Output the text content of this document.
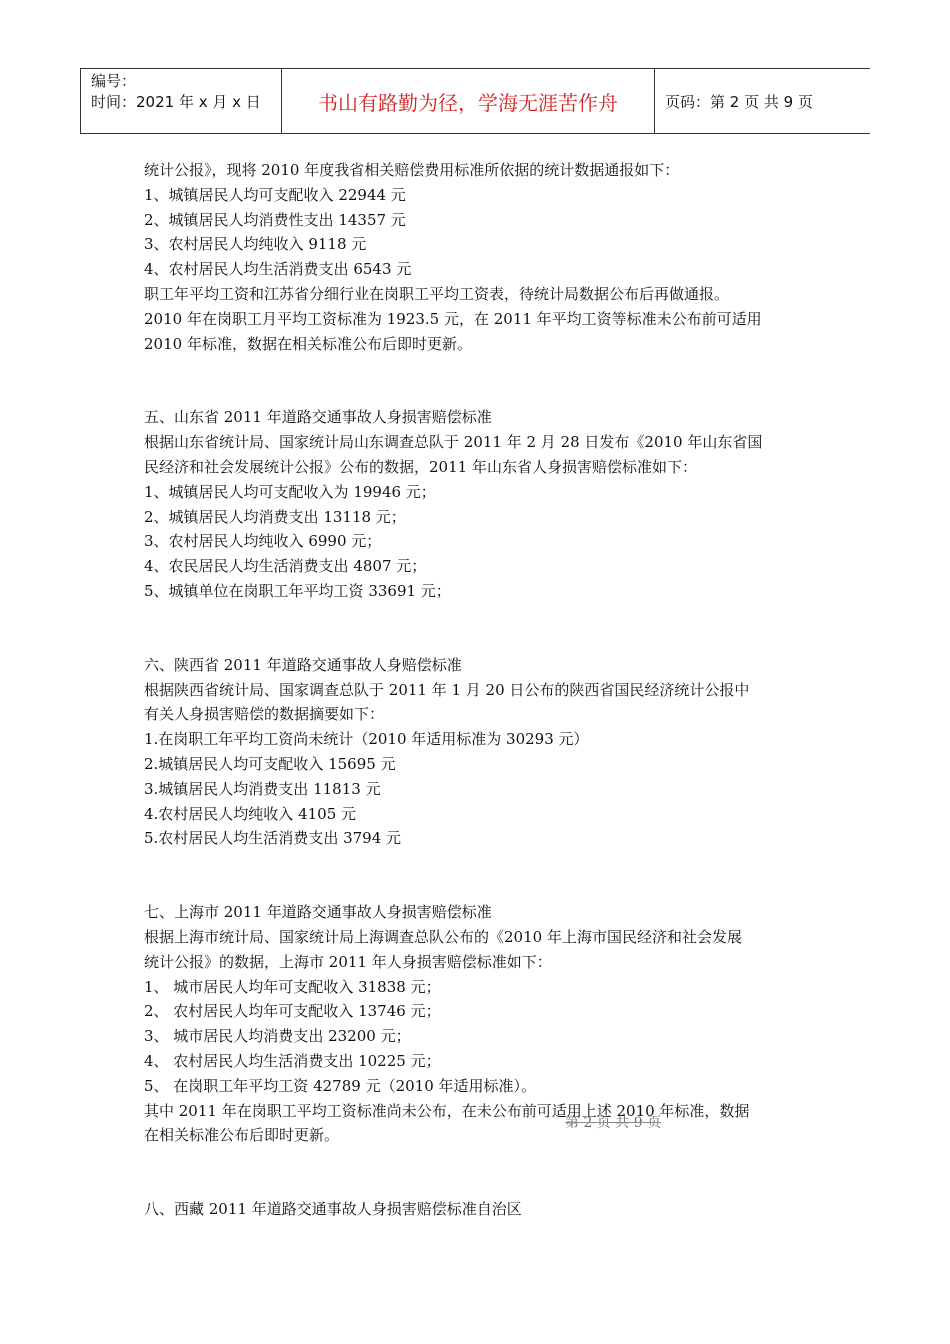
编号：
时间：2021 年 x 月 x 日	书山有路勤为径，学海无涯苦作舟	页码：第 2 页 共 9 页

统计公报》，现将 2010 年度我省相关赔偿费用标准所依据的统计数据通报如下：

1、城镇居民人均可支配收入 22944 元

2、城镇居民人均消费性支出 14357 元

3、农村居民人均纯收入 9118 元

4、农村居民人均生活消费支出 6543 元

职工年平均工资和江苏省分细行业在岗职工平均工资表，待统计局数据公布后再做通报。

2010 年在岗职工月平均工资标准为 1923.5 元，在 2011 年平均工资等标准未公布前可适用

2010 年标准，数据在相关标准公布后即时更新。

五、山东省 2011 年道路交通事故人身损害赔偿标准

根据山东省统计局、国家统计局山东调查总队于 2011 年 2 月 28 日发布《2010 年山东省国

民经济和社会发展统计公报》公布的数据，2011 年山东省人身损害赔偿标准如下：

1、城镇居民人均可支配收入为 19946 元；

2、城镇居民人均消费支出 13118 元；

3、农村居民人均纯收入 6990 元；

4、农民居民人均生活消费支出 4807 元；

5、城镇单位在岗职工年平均工资 33691 元；

六、陕西省 2011 年道路交通事故人身赔偿标准

根据陕西省统计局、国家调查总队于 2011 年 1 月 20 日公布的陕西省国民经济统计公报中

有关人身损害赔偿的数据摘要如下：

1.在岗职工年平均工资尚未统计（2010 年适用标准为 30293 元）

2.城镇居民人均可支配收入 15695 元

3.城镇居民人均消费支出 11813 元

4.农村居民人均纯收入 4105 元

5.农村居民人均生活消费支出 3794 元

七、上海市 2011 年道路交通事故人身损害赔偿标准

根据上海市统计局、国家统计局上海调查总队公布的《2010 年上海市国民经济和社会发展

统计公报》的数据，上海市 2011 年人身损害赔偿标准如下：

1、 城市居民人均年可支配收入 31838 元；

2、 农村居民人均年可支配收入 13746 元；

3、 城市居民人均消费支出 23200 元；

4、 农村居民人均生活消费支出 10225 元；

5、 在岗职工年平均工资 42789 元（2010 年适用标准）。

其中 2011 年在岗职工平均工资标准尚未公布，在未公布前可适用上述 2010 年标准，数据

在相关标准公布后即时更新。

八、西藏 2011 年道路交通事故人身损害赔偿标准自治区

第 2 页 共 9 页
